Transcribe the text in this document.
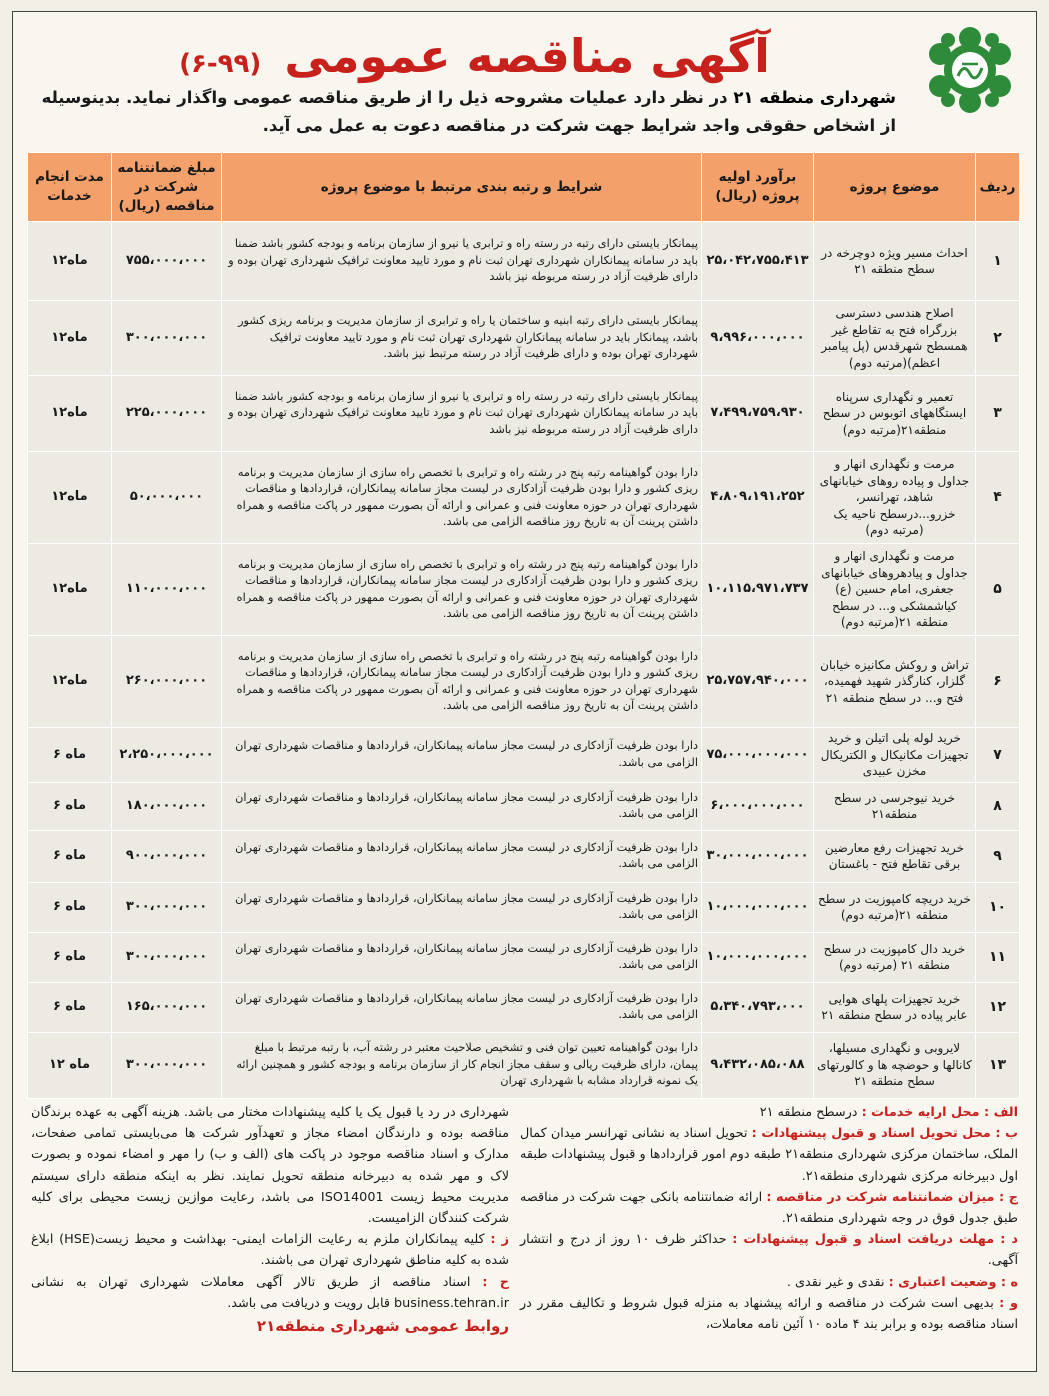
آگهی مناقصه عمومی (۶-۹۹)
شهرداری منطقه ۲۱ در نظر دارد عملیات مشروحه ذیل را از طریق مناقصه عمومی واگذار نماید. بدینوسیله از اشخاص حقوقی واجد شرایط جهت شرکت در مناقصه دعوت به عمل می آید.
ردیف	موضوع پروژه	برآورد اولیه پروژه (ریال)	شرایط و رتبه بندی مرتبط با موضوع پروژه	مبلغ ضمانتنامه شرکت در مناقصه (ریال)	مدت انجام خدمات
۱	احداث مسیر ویژه دوچرخه در سطح منطقه ۲۱	۲۵،۰۴۲،۷۵۵،۴۱۳	پیمانکار بایستی دارای رتبه در رسته راه و ترابری یا نیرو از سازمان برنامه و بودجه کشور باشد ضمنا باید در سامانه پیمانکاران شهرداری تهران ثبت نام و مورد تایید معاونت ترافیک شهرداری تهران بوده و دارای ظرفیت آزاد در رسته مربوطه نیز باشد	۷۵۵،۰۰۰،۰۰۰	۱۲ماه
۲	اصلاح هندسی دسترسی بزرگراه فتح به تقاطع غیر همسطح شهرقدس (پل پیامبر اعظم)(مرتبه دوم)	۹،۹۹۶،۰۰۰،۰۰۰	پیمانکار بایستی دارای رتبه ابنیه و ساختمان یا راه و ترابری از سازمان مدیریت و برنامه ریزی کشور باشد، پیمانکار باید در سامانه پیمانکاران شهرداری تهران ثبت نام و مورد تایید معاونت ترافیک شهرداری تهران بوده و دارای ظرفیت آزاد در رسته مرتبط نیز باشد.	۳۰۰،۰۰۰،۰۰۰	۱۲ماه
۳	تعمیر و نگهداری سرپناه ایستگاههای اتوبوس در سطح منطقه۲۱(مرتبه دوم)	۷،۴۹۹،۷۵۹،۹۳۰	پیمانکار بایستی دارای رتبه در رسته راه و ترابری یا نیرو از سازمان برنامه و بودجه کشور باشد ضمنا باید در سامانه پیمانکاران شهرداری تهران ثبت نام و مورد تایید معاونت ترافیک شهرداری تهران بوده و دارای ظرفیت آزاد در رسته مربوطه نیز باشد	۲۲۵،۰۰۰،۰۰۰	۱۲ماه
۴	مرمت و نگهداری انهار و جداول و پیاده روهای خیابانهای شاهد، تهرانسر، خزرو...درسطح ناحیه یک (مرتبه دوم)	۴،۸۰۹،۱۹۱،۲۵۲	دارا بودن گواهینامه رتبه پنج در رشته راه و ترابری با تخصص راه سازی از سازمان مدیریت و برنامه ریزی کشور و دارا بودن ظرفیت آزادکاری در لیست مجاز سامانه پیمانکاران، قراردادها و مناقصات شهرداری تهران در حوزه معاونت فنی و عمرانی و ارائه آن بصورت ممهور در پاکت مناقصه و همراه داشتن پرینت آن به تاریخ روز مناقصه الزامی می باشد.	۵۰،۰۰۰،۰۰۰	۱۲ماه
۵	مرمت و نگهداری انهار و جداول و پیادهروهای خیابانهای جعفری، امام حسین (ع) کیاشمشکی و... در سطح منطقه ۲۱(مرتبه دوم)	۱۰،۱۱۵،۹۷۱،۷۳۷	دارا بودن گواهینامه رتبه پنج در رشته راه و ترابری با تخصص راه سازی از سازمان مدیریت و برنامه ریزی کشور و دارا بودن ظرفیت آزادکاری در لیست مجاز سامانه پیمانکاران، قراردادها و مناقصات شهرداری تهران در حوزه معاونت فنی و عمرانی و ارائه آن بصورت ممهور در پاکت مناقصه و همراه داشتن پرینت آن به تاریخ روز مناقصه الزامی می باشد.	۱۱۰،۰۰۰،۰۰۰	۱۲ماه
۶	تراش و روکش مکانیزه خیابان گلزار، کنارگذر شهید فهمیده، فتح و... در سطح منطقه ۲۱	۲۵،۷۵۷،۹۴۰،۰۰۰	دارا بودن گواهینامه رتبه پنج در رشته راه و ترابری با تخصص راه سازی از سازمان مدیریت و برنامه ریزی کشور و دارا بودن ظرفیت آزادکاری در لیست مجاز سامانه پیمانکاران، قراردادها و مناقصات شهرداری تهران در حوزه معاونت فنی و عمرانی و ارائه آن بصورت ممهور در پاکت مناقصه و همراه داشتن پرینت آن به تاریخ روز مناقصه الزامی می باشد.	۲۶۰،۰۰۰،۰۰۰	۱۲ماه
۷	خرید لوله پلی اتیلن و خرید تجهیزات مکانیکال و الکتریکال مخزن عبیدی	۷۵،۰۰۰،۰۰۰،۰۰۰	دارا بودن ظرفیت آزادکاری در لیست مجاز سامانه پیمانکاران، قراردادها و مناقصات شهرداری تهران الزامی می باشد.	۲،۲۵۰،۰۰۰،۰۰۰	۶ ماه
۸	خرید نیوجرسی در سطح منطقه۲۱	۶،۰۰۰،۰۰۰،۰۰۰	دارا بودن ظرفیت آزادکاری در لیست مجاز سامانه پیمانکاران، قراردادها و مناقصات شهرداری تهران الزامی می باشد.	۱۸۰،۰۰۰،۰۰۰	۶ ماه
۹	خرید تجهیزات رفع معارضین برقی تقاطع فتح - باغستان	۳۰،۰۰۰،۰۰۰،۰۰۰	دارا بودن ظرفیت آزادکاری در لیست مجاز سامانه پیمانکاران، قراردادها و مناقصات شهرداری تهران الزامی می باشد.	۹۰۰،۰۰۰،۰۰۰	۶ ماه
۱۰	خرید دریچه کامپوزیت در سطح منطقه ۲۱(مرتبه دوم)	۱۰،۰۰۰،۰۰۰،۰۰۰	دارا بودن ظرفیت آزادکاری در لیست مجاز سامانه پیمانکاران، قراردادها و مناقصات شهرداری تهران الزامی می باشد.	۳۰۰،۰۰۰،۰۰۰	۶ ماه
۱۱	خرید دال کامپوزیت در سطح منطقه ۲۱ (مرتبه دوم)	۱۰،۰۰۰،۰۰۰،۰۰۰	دارا بودن ظرفیت آزادکاری در لیست مجاز سامانه پیمانکاران، قراردادها و مناقصات شهرداری تهران الزامی می باشد.	۳۰۰،۰۰۰،۰۰۰	۶ ماه
۱۲	خرید تجهیزات پلهای هوایی عابر پیاده در سطح منطقه ۲۱	۵،۳۴۰،۷۹۳،۰۰۰	دارا بودن ظرفیت آزادکاری در لیست مجاز سامانه پیمانکاران، قراردادها و مناقصات شهرداری تهران الزامی می باشد.	۱۶۵،۰۰۰،۰۰۰	۶ ماه
۱۳	لایروبی و نگهداری مسیلها، کانالها و حوضچه ها و کالورتهای سطح منطقه ۲۱	۹،۴۳۲،۰۸۵،۰۸۸	دارا بودن گواهینامه تعیین توان فنی و تشخیص صلاحیت معتبر در رشته آب، با رتبه مرتبط با مبلغ پیمان، دارای ظرفیت ریالی و سقف مجاز انجام کار از سازمان برنامه و بودجه کشور و همچنین ارائه یک نمونه قرارداد مشابه با شهرداری تهران	۳۰۰،۰۰۰،۰۰۰	۱۲ ماه
الف : محل ارایه خدمات : درسطح منطقه ۲۱
ب : محل تحویل اسناد و قبول پیشنهادات : تحویل اسناد به نشانی تهرانسر میدان کمال الملک، ساختمان مرکزی شهرداری منطقه۲۱ طبقه دوم امور قراردادها و قبول پیشنهادات طبقه اول دبیرخانه مرکزی شهرداری منطقه۲۱.
ج : میزان ضمانتنامه شرکت در مناقصه : ارائه ضمانتنامه بانکی جهت شرکت در مناقصه طبق جدول فوق در وجه شهرداری منطقه۲۱.
د : مهلت دریافت اسناد و قبول پیشنهادات : حداکثر ظرف ۱۰ روز از درج و انتشار آگهی.
ه : وضعیت اعتباری : نقدی و غیر نقدی .
و : بدیهی است شرکت در مناقصه و ارائه پیشنهاد به منزله قبول شروط و تکالیف مقرر در اسناد مناقصه بوده و برابر بند ۴ ماده ۱۰ آئین نامه معاملات،
شهرداری در رد یا قبول یک یا کلیه پیشنهادات مختار می باشد. هزینه آگهی به عهده برندگان مناقصه بوده و دارندگان امضاء مجاز و تعهدآور شرکت ها می‌بایستی تمامی صفحات، مدارک و اسناد مناقصه موجود در پاکت های (الف و ب) را مهر و امضاء نموده و بصورت لاک و مهر شده به دبیرخانه منطقه تحویل نمایند. نظر به اینکه منطقه دارای سیستم مدیریت محیط زیست ISO14001 می باشد، رعایت موازین زیست محیطی برای کلیه شرکت کنندگان الزامیست.
ز : کلیه پیمانکاران ملزم به رعایت الزامات ایمنی- بهداشت و محیط زیست(HSE) ابلاغ شده به کلیه مناطق شهرداری تهران می باشند.
ح : اسناد مناقصه از طریق تالار آگهی معاملات شهرداری تهران به نشانی business.tehran.ir قابل رویت و دریافت می باشد.
روابط عمومی شهرداری منطقه۲۱
